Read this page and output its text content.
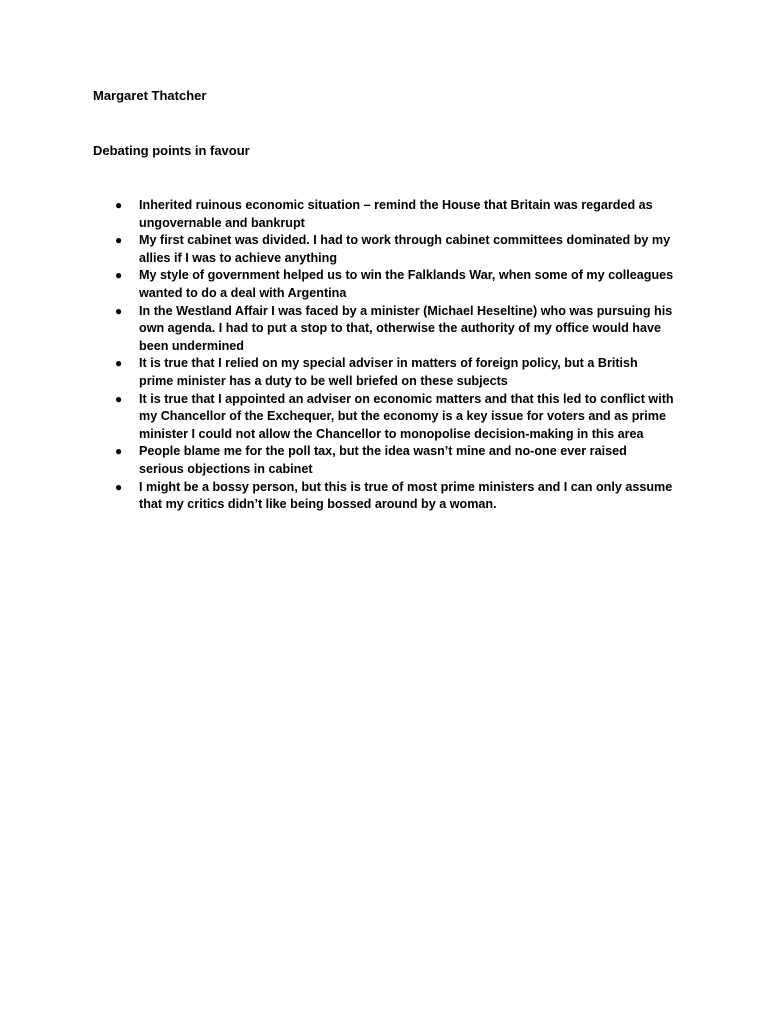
Margaret Thatcher
Debating points in favour
● Inherited ruinous economic situation – remind the House that Britain was regarded as ungovernable and bankrupt
● My first cabinet was divided. I had to work through cabinet committees dominated by my allies if I was to achieve anything
● My style of government helped us to win the Falklands War, when some of my colleagues wanted to do a deal with Argentina
● In the Westland Affair I was faced by a minister (Michael Heseltine) who was pursuing his own agenda. I had to put a stop to that, otherwise the authority of my office would have been undermined
● It is true that I relied on my special adviser in matters of foreign policy, but a British prime minister has a duty to be well briefed on these subjects
● It is true that I appointed an adviser on economic matters and that this led to conflict with my Chancellor of the Exchequer, but the economy is a key issue for voters and as prime minister I could not allow the Chancellor to monopolise decision-making in this area
● People blame me for the poll tax, but the idea wasn’t mine and no-one ever raised serious objections in cabinet
● I might be a bossy person, but this is true of most prime ministers and I can only assume that my critics didn’t like being bossed around by a woman.
